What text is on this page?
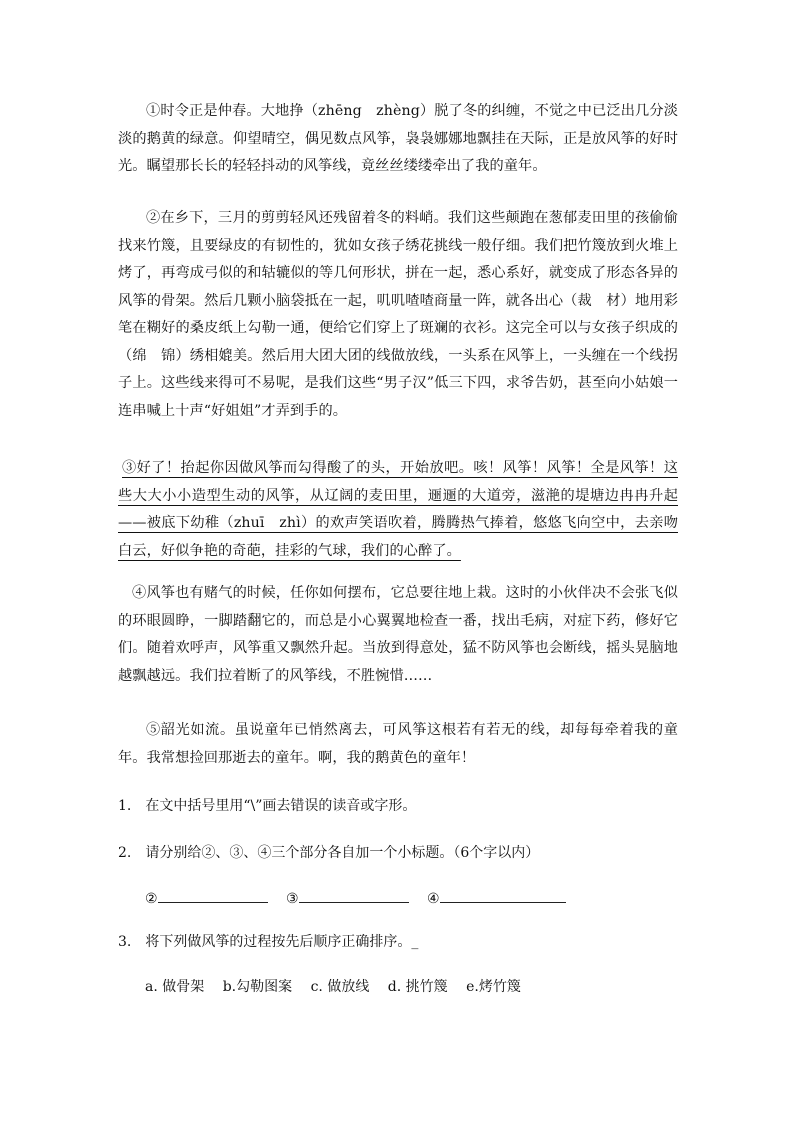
①时令正是仲春。大地挣（zhēng　zhèng）脱了冬的纠缠，不觉之中已泛出几分淡淡的鹅黄的绿意。仰望晴空，偶见数点风筝，袅袅娜娜地飘挂在天际，正是放风筝的好时光。瞩望那长长的轻轻抖动的风筝线，竟丝丝缕缕牵出了我的童年。
②在乡下，三月的剪剪轻风还残留着冬的料峭。我们这些颠跑在葱郁麦田里的孩偷偷找来竹篾，且要绿皮的有韧性的，犹如女孩子绣花挑线一般仔细。我们把竹篾放到火堆上烤了，再弯成弓似的和轱辘似的等几何形状，拼在一起，悉心系好，就变成了形态各异的风筝的骨架。然后几颗小脑袋抵在一起，叽叽喳喳商量一阵，就各出心（裁　材）地用彩笔在糊好的桑皮纸上勾勒一通，便给它们穿上了斑斓的衣衫。这完全可以与女孩子织成的（绵　锦）绣相媲美。然后用大团大团的线做放线，一头系在风筝上，一头缠在一个线拐子上。这些线来得可不易呢，是我们这些“男子汉”低三下四，求爷告奶，甚至向小姑娘一连串喊上十声“好姐姐”才弄到手的。
③好了！抬起你因做风筝而勾得酸了的头，开始放吧。咳！风筝！风筝！全是风筝！这些大大小小造型生动的风筝，从辽阔的麦田里，逦逦的大道旁，滋滟的堤塘边冉冉升起——被底下幼稚（zhuī　zhì）的欢声笑语吹着，腾腾热气捧着，悠悠飞向空中，去亲吻白云，好似争艳的奇葩，挂彩的气球，我们的心醉了。
④风筝也有赌气的时候，任你如何摆布，它总要往地上栽。这时的小伙伴决不会张飞似的环眼圆睁，一脚踏翻它的，而总是小心翼翼地检查一番，找出毛病，对症下药，修好它们。随着欢呼声，风筝重又飘然升起。当放到得意处，猛不防风筝也会断线，摇头晃脑地越飘越远。我们拉着断了的风筝线，不胜惋惜……
⑤韶光如流。虽说童年已悄然离去，可风筝这根若有若无的线，却每每牵着我的童年。我常想捡回那逝去的童年。啊，我的鹅黄色的童年！
1.　在文中括号里用“\”画去错误的读音或字形。
2.　请分别给②、③、④三个部分各自加一个小标题。（6个字以内）
②	③	④
3.　将下列做风筝的过程按先后顺序正确排序。_
a. 做骨架 b.勾勒图案 c. 做放线 d. 挑竹篾 e.烤竹篾
